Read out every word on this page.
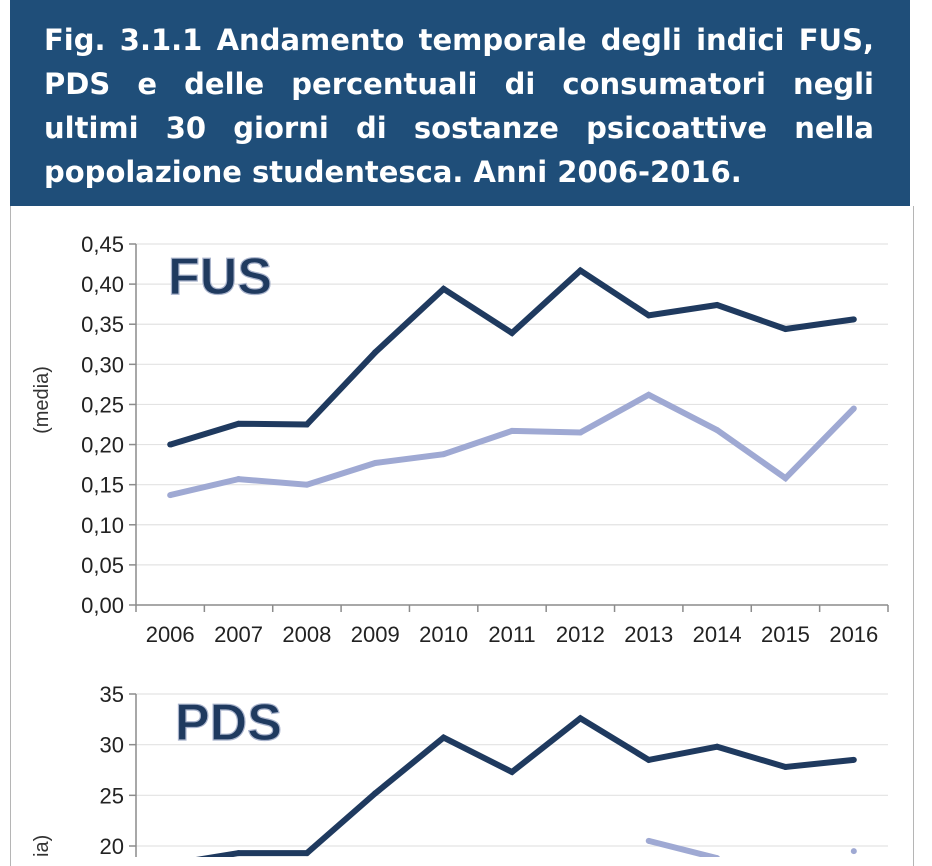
Fig. 3.1.1 Andamento temporale degli indici FUS, PDS e delle percentuali di consumatori negli ultimi 30 giorni di sostanze psicoattive nella popolazione studentesca. Anni 2006-2016.

0,00
0,05
0,10
0,15
0,20
0,25
0,30
0,35
0,40
0,45
2006 2007 2008 2009 2010 2011 2012 2013 2014 2015 2016
(media)
FUS
20
25
30
35
ia)
PDS
